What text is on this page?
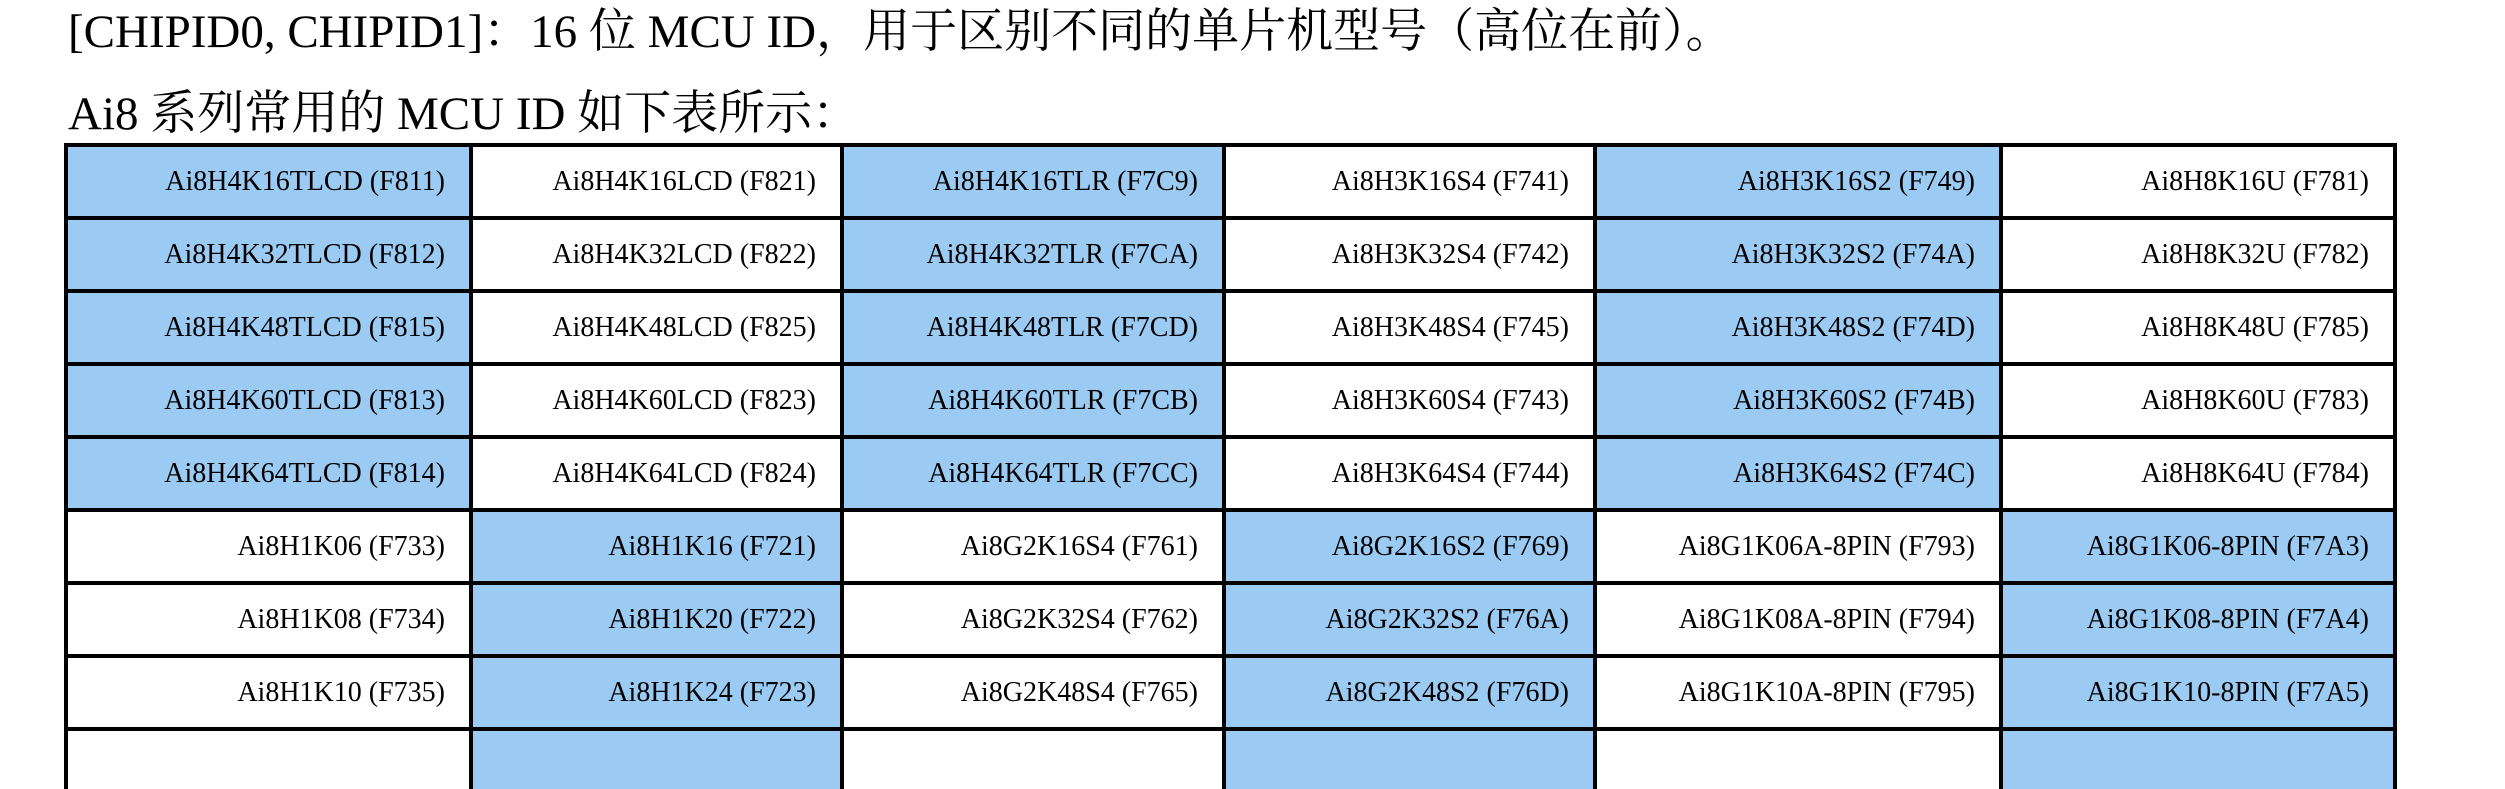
[CHIPID0, CHIPID1]：16 位 MCU ID，用于区别不同的单片机型号（高位在前）。
Ai8 系列常用的 MCU ID 如下表所示：
Ai8H4K16TLCD (F811)	Ai8H4K16LCD (F821)	Ai8H4K16TLR (F7C9)	Ai8H3K16S4 (F741)	Ai8H3K16S2 (F749)	Ai8H8K16U (F781)
Ai8H4K32TLCD (F812)	Ai8H4K32LCD (F822)	Ai8H4K32TLR (F7CA)	Ai8H3K32S4 (F742)	Ai8H3K32S2 (F74A)	Ai8H8K32U (F782)
Ai8H4K48TLCD (F815)	Ai8H4K48LCD (F825)	Ai8H4K48TLR (F7CD)	Ai8H3K48S4 (F745)	Ai8H3K48S2 (F74D)	Ai8H8K48U (F785)
Ai8H4K60TLCD (F813)	Ai8H4K60LCD (F823)	Ai8H4K60TLR (F7CB)	Ai8H3K60S4 (F743)	Ai8H3K60S2 (F74B)	Ai8H8K60U (F783)
Ai8H4K64TLCD (F814)	Ai8H4K64LCD (F824)	Ai8H4K64TLR (F7CC)	Ai8H3K64S4 (F744)	Ai8H3K64S2 (F74C)	Ai8H8K64U (F784)
Ai8H1K06 (F733)	Ai8H1K16 (F721)	Ai8G2K16S4 (F761)	Ai8G2K16S2 (F769)	Ai8G1K06A-8PIN (F793)	Ai8G1K06-8PIN (F7A3)
Ai8H1K08 (F734)	Ai8H1K20 (F722)	Ai8G2K32S4 (F762)	Ai8G2K32S2 (F76A)	Ai8G1K08A-8PIN (F794)	Ai8G1K08-8PIN (F7A4)
Ai8H1K10 (F735)	Ai8H1K24 (F723)	Ai8G2K48S4 (F765)	Ai8G2K48S2 (F76D)	Ai8G1K10A-8PIN (F795)	Ai8G1K10-8PIN (F7A5)
